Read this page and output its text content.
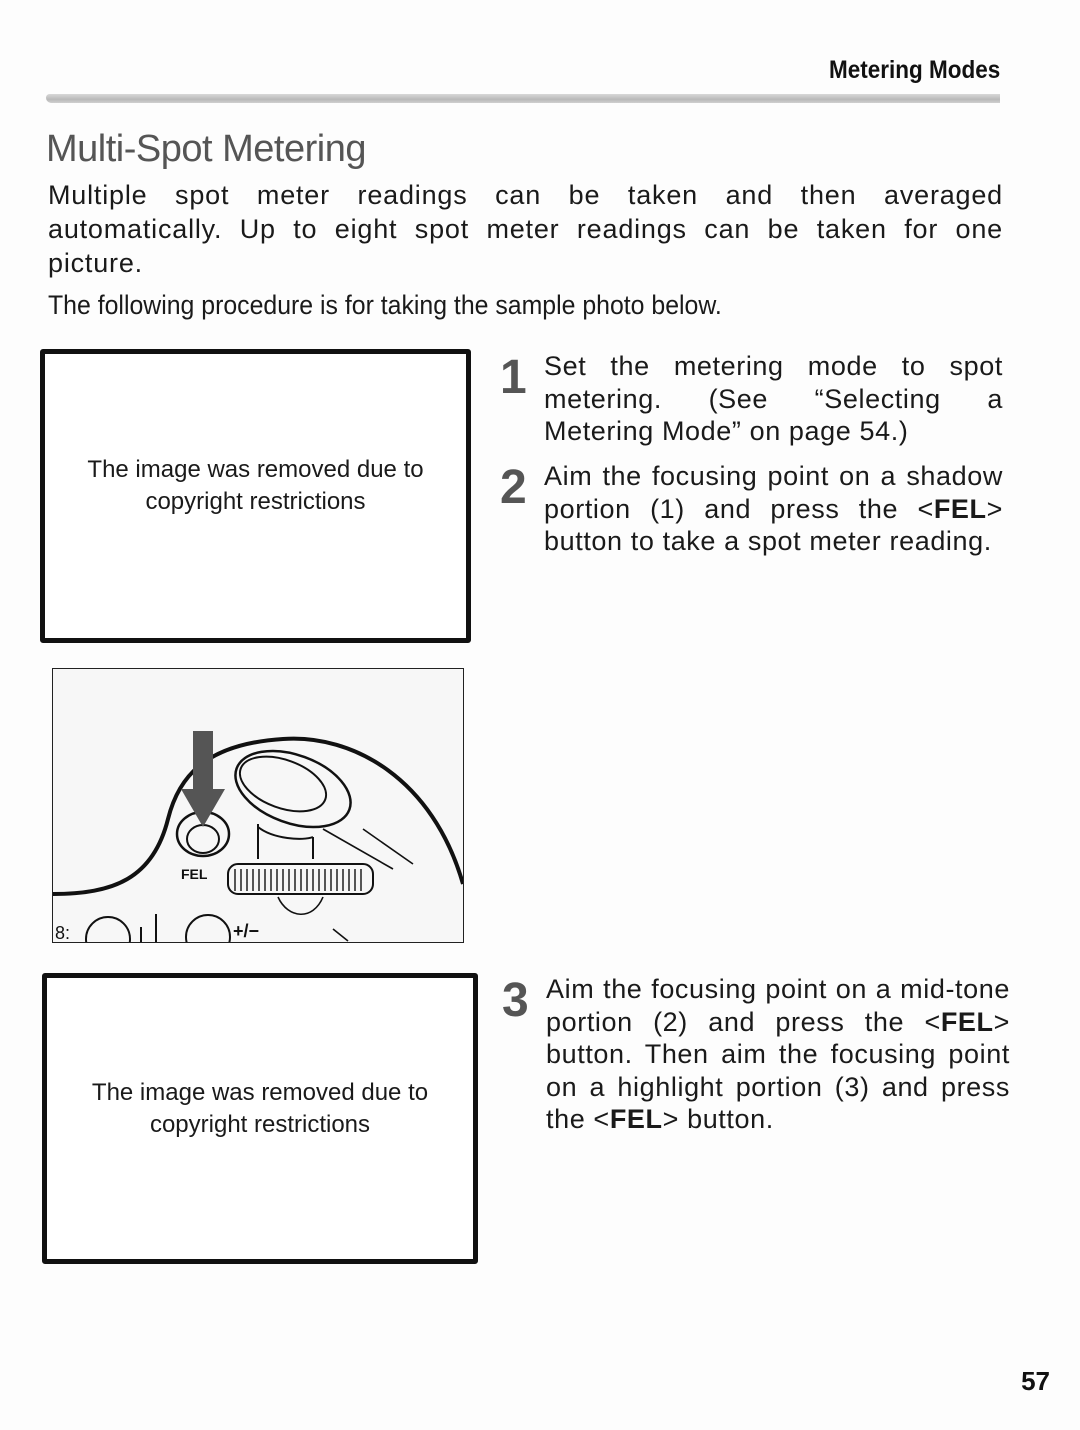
Metering Modes
Multi-Spot Metering

Multiple spot meter readings can be taken and then averaged automatically. Up to eight spot meter readings can be taken for one picture.

The following procedure is for taking the sample photo below.

The image was removed due to copyright restrictions
FEL
8:	+/−
The image was removed due to copyright restrictions
1 Set the metering mode to spot metering. (See “Selecting a Metering Mode” on page 54.)
2 Aim the focusing point on a shadow portion (1) and press the <FEL> button to take a spot meter reading.
3 Aim the focusing point on a mid-tone portion (2) and press the <FEL> button. Then aim the focusing point on a highlight portion (3) and press the <FEL> button.
57
